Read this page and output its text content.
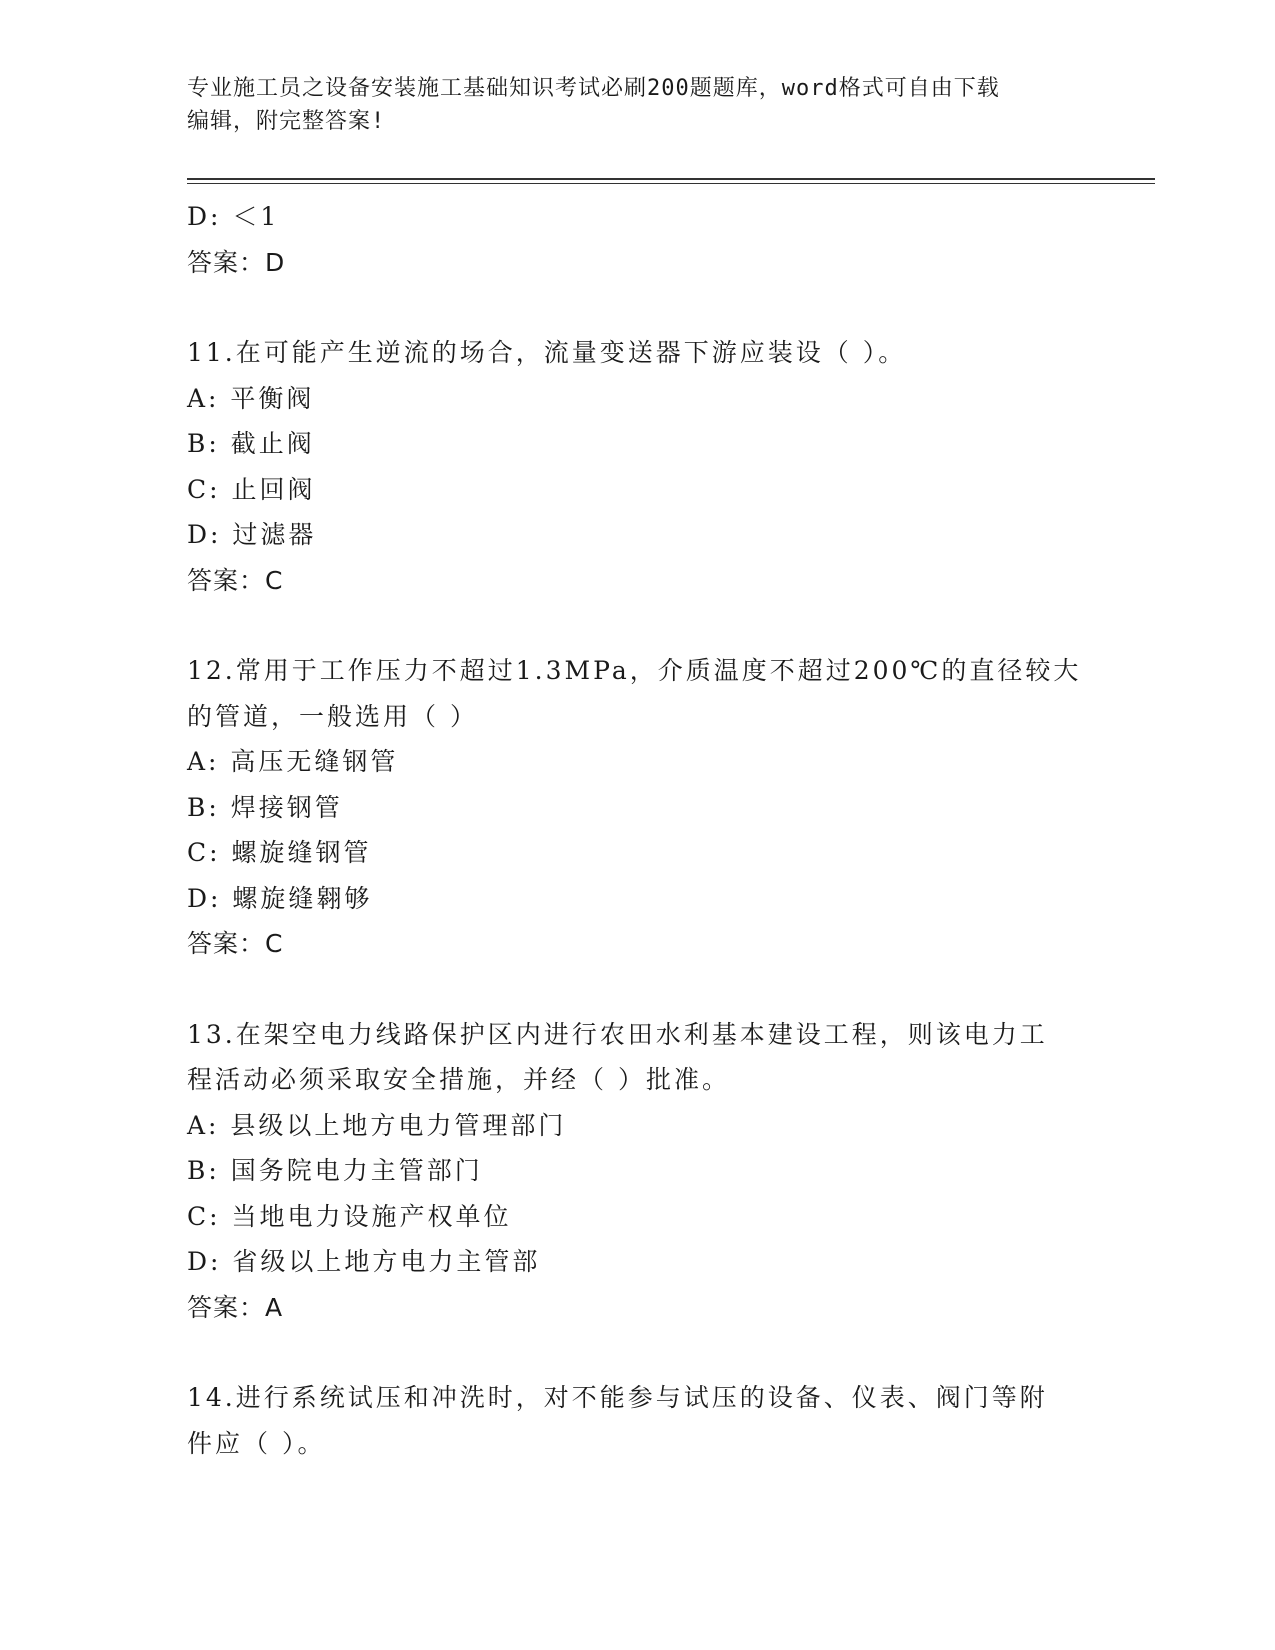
专业施工员之设备安装施工基础知识考试必刷200题题库，word格式可自由下载
编辑，附完整答案!
D: ＜1
答案：D
11.在可能产生逆流的场合，流量变送器下游应装设（ ）。
A: 平衡阀
B: 截止阀
C: 止回阀
D: 过滤器
答案：C
12.常用于工作压力不超过1.3MPa，介质温度不超过200℃的直径较大
的管道，一般选用（ ）
A: 高压无缝钢管
B: 焊接钢管
C: 螺旋缝钢管
D: 螺旋缝翱够
答案：C
13.在架空电力线路保护区内进行农田水利基本建设工程，则该电力工
程活动必须采取安全措施，并经（ ）批准。
A: 县级以上地方电力管理部门
B: 国务院电力主管部门
C: 当地电力设施产权单位
D: 省级以上地方电力主管部
答案：A
14.进行系统试压和冲洗时，对不能参与试压的设备、仪表、阀门等附
件应（ ）。
